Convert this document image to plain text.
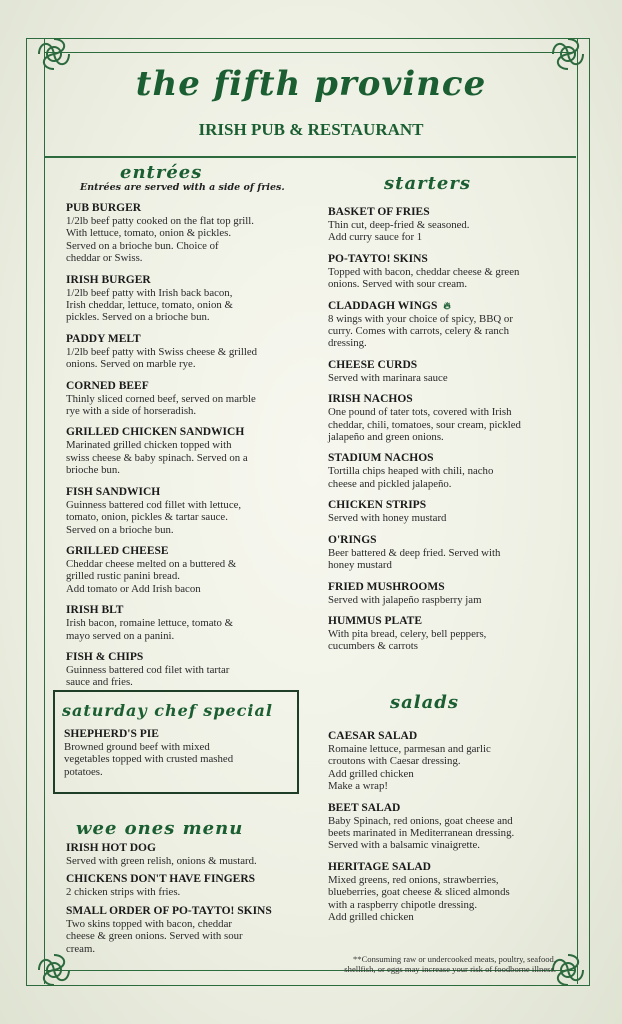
the fifth province
IRISH PUB & RESTAURANT
entrées
Entrées are served with a side of fries.
PUB BURGER
1/2lb beef patty cooked on the flat top grill.
With lettuce, tomato, onion & pickles.
Served on a brioche bun. Choice of
cheddar or Swiss.
IRISH BURGER
1/2lb beef patty with Irish back bacon,
Irish cheddar, lettuce, tomato, onion &
pickles. Served on a brioche bun.
PADDY MELT
1/2lb beef patty with Swiss cheese & grilled
onions. Served on marble rye.
CORNED BEEF
Thinly sliced corned beef, served on marble
rye with a side of horseradish.
GRILLED CHICKEN SANDWICH
Marinated grilled chicken topped with
swiss cheese & baby spinach. Served on a
brioche bun.
FISH SANDWICH
Guinness battered cod fillet with lettuce,
tomato, onion, pickles & tartar sauce.
Served on a brioche bun.
GRILLED CHEESE
Cheddar cheese melted on a buttered &
grilled rustic panini bread.
Add tomato or Add Irish bacon
IRISH BLT
Irish bacon, romaine lettuce, tomato &
mayo served on a panini.
FISH & CHIPS
Guinness battered cod filet with tartar
sauce and fries.
saturday chef special
SHEPHERD'S PIE
Browned ground beef with mixed
vegetables topped with crusted mashed
potatoes.
wee ones menu
IRISH HOT DOG
Served with green relish, onions & mustard.
CHICKENS DON'T HAVE FINGERS
2 chicken strips with fries.
SMALL ORDER OF PO-TAYTO! SKINS
Two skins topped with bacon, cheddar
cheese & green onions. Served with sour
cream.
starters
BASKET OF FRIES
Thin cut, deep-fried & seasoned.
Add curry sauce for 1
PO-TAYTO! SKINS
Topped with bacon, cheddar cheese & green
onions. Served with sour cream.
CLADDAGH WINGS 🔥︎
8 wings with your choice of spicy, BBQ or
curry. Comes with carrots, celery & ranch
dressing.
CHEESE CURDS
Served with marinara sauce
IRISH NACHOS
One pound of tater tots, covered with Irish
cheddar, chili, tomatoes, sour cream, pickled
jalapeño and green onions.
STADIUM NACHOS
Tortilla chips heaped with chili, nacho
cheese and pickled jalapeño.
CHICKEN STRIPS
Served with honey mustard
O'RINGS
Beer battered & deep fried. Served with
honey mustard
FRIED MUSHROOMS
Served with jalapeño raspberry jam
HUMMUS PLATE
With pita bread, celery, bell peppers,
cucumbers & carrots
salads
CAESAR SALAD
Romaine lettuce, parmesan and garlic
croutons with Caesar dressing.
Add grilled chicken
Make a wrap!
BEET SALAD
Baby Spinach, red onions, goat cheese and
beets marinated in Mediterranean dressing.
Served with a balsamic vinaigrette.
HERITAGE SALAD
Mixed greens, red onions, strawberries,
blueberries, goat cheese & sliced almonds
with a raspberry chipotle dressing.
Add grilled chicken
**Consuming raw or undercooked meats, poultry, seafood,
shellfish, or eggs may increase your risk of foodborne illness.
